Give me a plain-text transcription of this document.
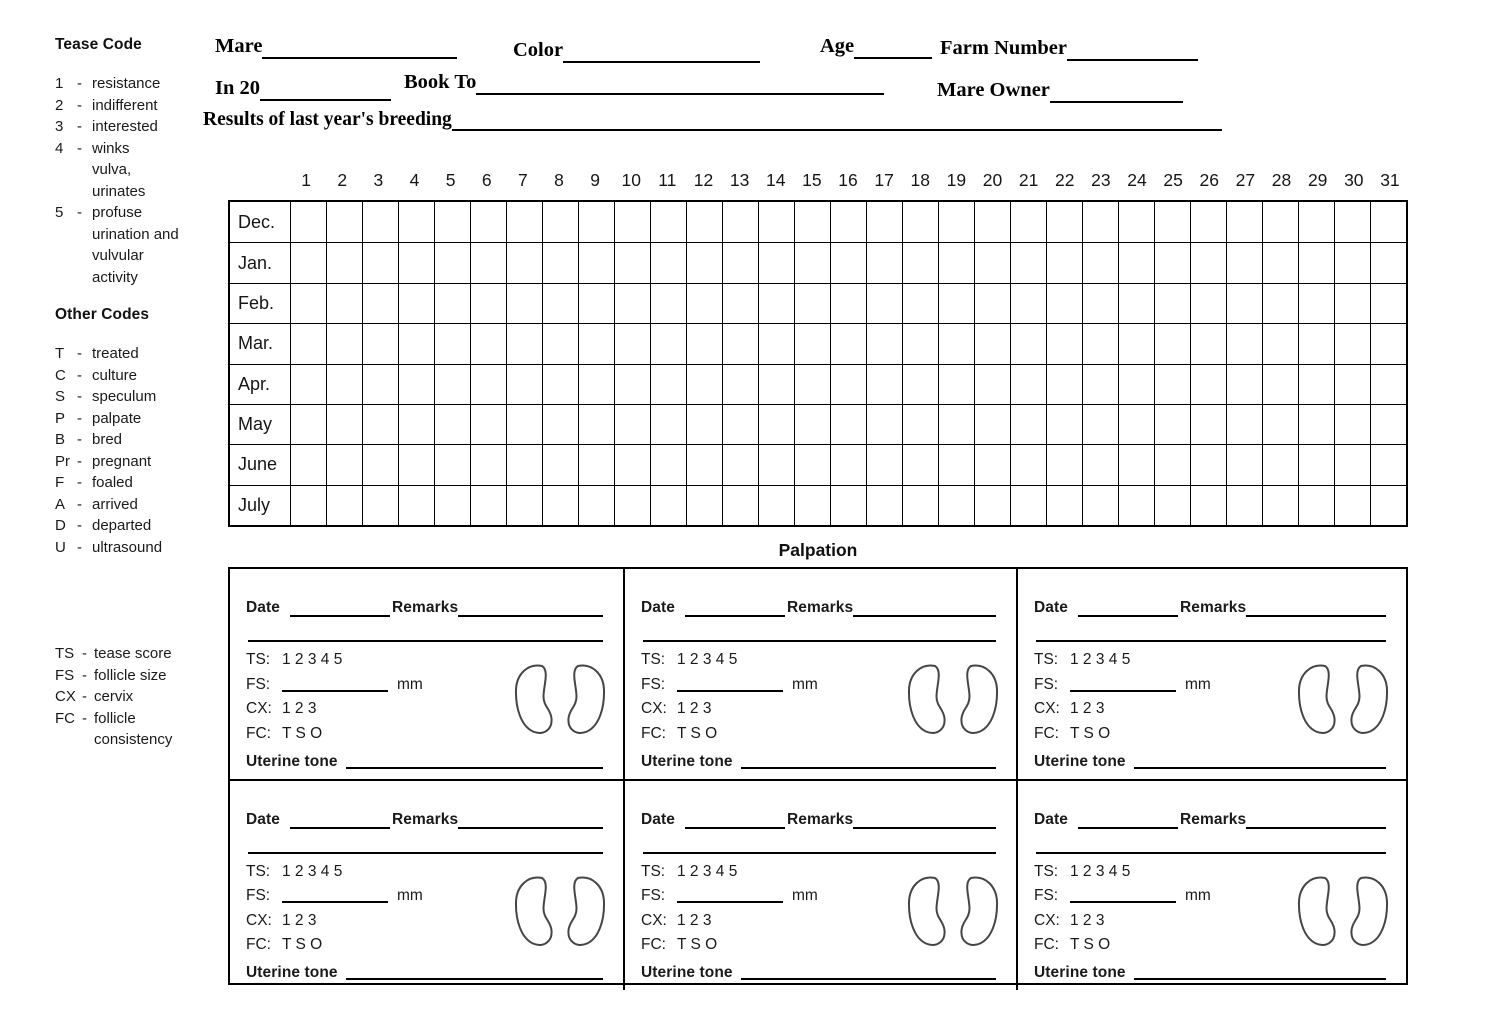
Tease Code
1 - resistance
2 - indifferent
3 - interested
4 - winks
vulva,
urinates
5 - profuse
urination and
vulvular
activity
Other Codes
T - treated
C - culture
S - speculum
P - palpate
B - bred
Pr - pregnant
F - foaled
A - arrived
D - departed
U - ultrasound
TS - tease score
FS - follicle size
CX - cervix
FC - follicle
consistency
Mare	Color	Age	Farm Number
In 20	Book To	Mare Owner
Results of last year's breeding
1	2	3	4	5	6	7	8	9	10 11 12 13 14 15 16 17 18 19 20 21 22 23 24 25 26 27 28 29 30 31
Dec.
Jan.
Feb.
Mar.
Apr.
May
June
July
Palpation
Date	Remarks
TS: 1 2 3 4 5
FS:	mm
CX: 1 2 3
FC: T S O
Uterine tone
Date	Remarks
TS: 1 2 3 4 5
FS:	mm
CX: 1 2 3
FC: T S O
Uterine tone
Date	Remarks
TS: 1 2 3 4 5
FS:	mm
CX: 1 2 3
FC: T S O
Uterine tone
Date	Remarks
TS: 1 2 3 4 5
FS:	mm
CX: 1 2 3
FC: T S O
Uterine tone
Date	Remarks
TS: 1 2 3 4 5
FS:	mm
CX: 1 2 3
FC: T S O
Uterine tone
Date	Remarks
TS: 1 2 3 4 5
FS:	mm
CX: 1 2 3
FC: T S O
Uterine tone
